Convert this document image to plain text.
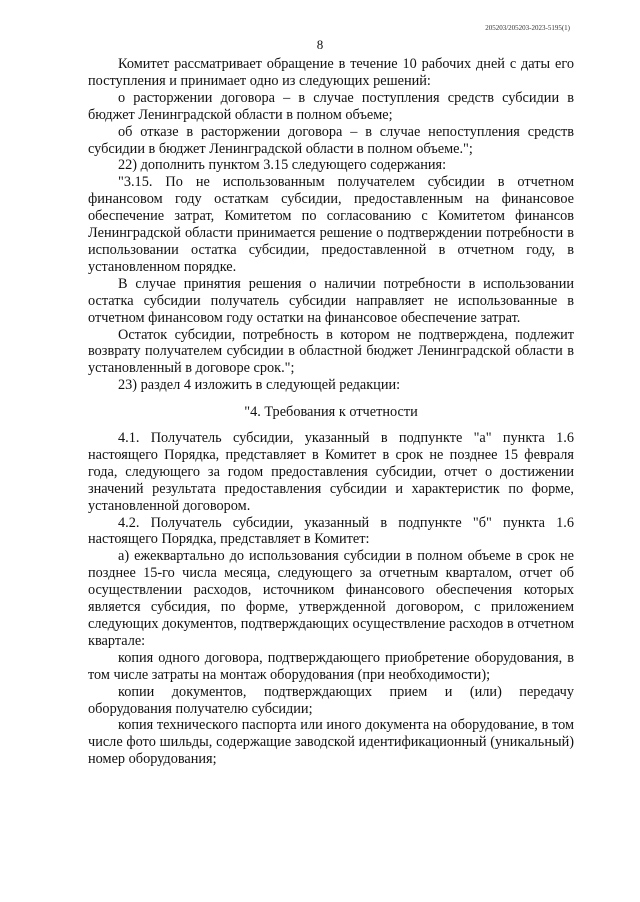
205203/205203-2023-5195(1)
8

Комитет рассматривает обращение в течение 10 рабочих дней с даты его поступления и принимает одно из следующих решений:

о расторжении договора – в случае поступления средств субсидии в бюджет Ленинградской области в полном объеме;

об отказе в расторжении договора – в случае непоступления средств субсидии в бюджет Ленинградской области в полном объеме.";

22) дополнить пунктом 3.15 следующего содержания:

"3.15. По не использованным получателем субсидии в отчетном финансовом году остаткам субсидии, предоставленным на финансовое обеспечение затрат, Комитетом по согласованию с Комитетом финансов Ленинградской области принимается решение о подтверждении потребности в использовании остатка субсидии, предоставленной в отчетном году, в установленном порядке.

В случае принятия решения о наличии потребности в использовании остатка субсидии получатель субсидии направляет не использованные в отчетном финансовом году остатки на финансовое обеспечение затрат.

Остаток субсидии, потребность в котором не подтверждена, подлежит возврату получателем субсидии в областной бюджет Ленинградской области в установленный в договоре срок.";

23) раздел 4 изложить в следующей редакции:

"4. Требования к отчетности

4.1. Получатель субсидии, указанный в подпункте "а" пункта 1.6 настоящего Порядка, представляет в Комитет в срок не позднее 15 февраля года, следующего за годом предоставления субсидии, отчет о достижении значений результата предоставления субсидии и характеристик по форме, установленной договором.

4.2. Получатель субсидии, указанный в подпункте "б" пункта 1.6 настоящего Порядка, представляет в Комитет:

а) ежеквартально до использования субсидии в полном объеме в срок не позднее 15-го числа месяца, следующего за отчетным кварталом, отчет об осуществлении расходов, источником финансового обеспечения которых является субсидия, по форме, утвержденной договором, с приложением следующих документов, подтверждающих осуществление расходов в отчетном квартале:

копия одного договора, подтверждающего приобретение оборудования, в том числе затраты на монтаж оборудования (при необходимости);

копии документов, подтверждающих прием и (или) передачу оборудования получателю субсидии;

копия технического паспорта или иного документа на оборудование, в том числе фото шильды, содержащие заводской идентификационный (уникальный) номер оборудования;
